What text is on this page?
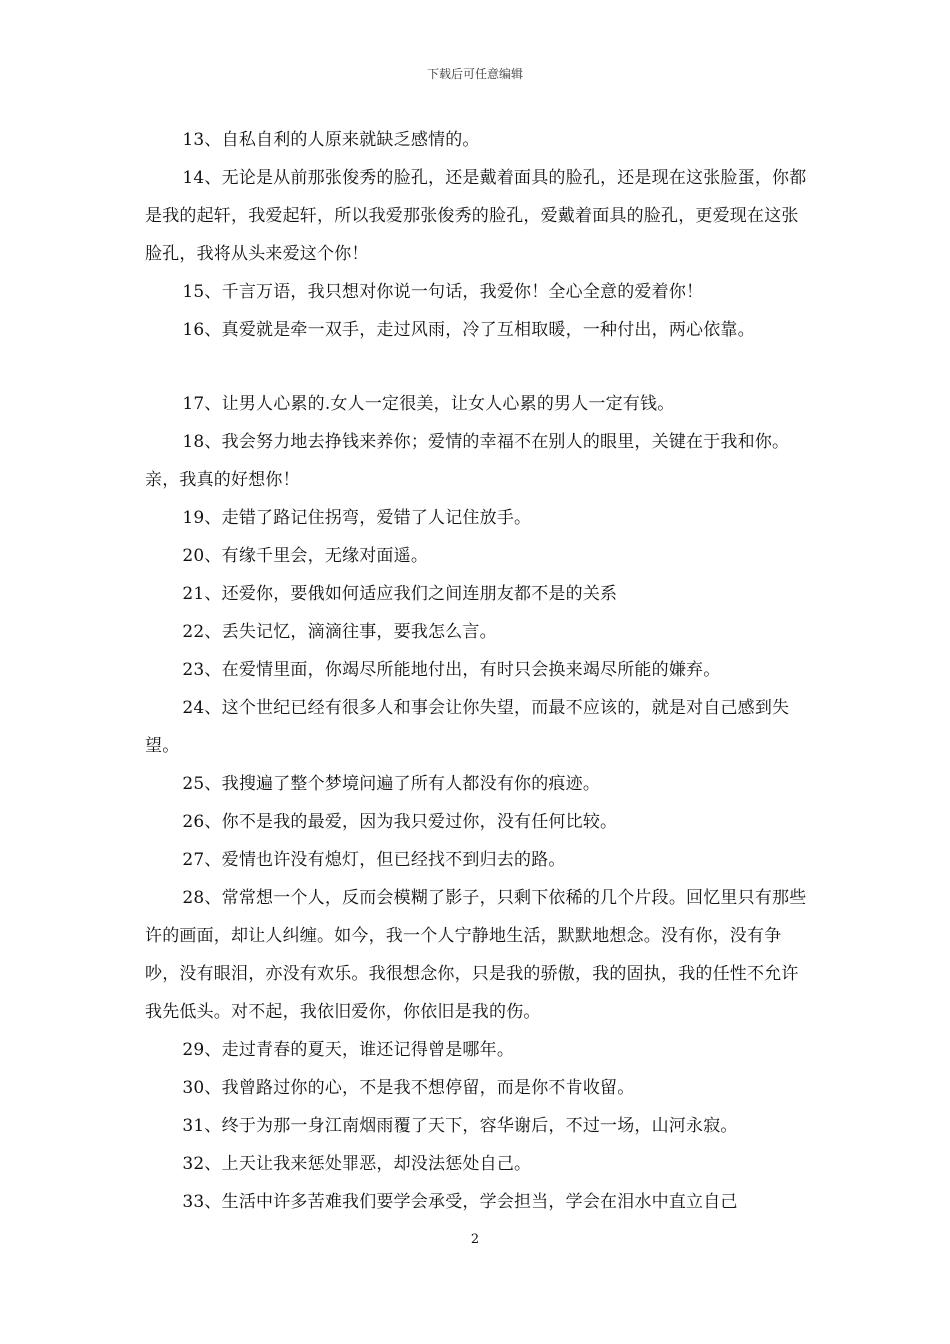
下载后可任意编辑

13、自私自利的人原来就缺乏感情的。

14、无论是从前那张俊秀的脸孔，还是戴着面具的脸孔，还是现在这张脸蛋，你都是我的起轩，我爱起轩，所以我爱那张俊秀的脸孔，爱戴着面具的脸孔，更爱现在这张脸孔，我将从头来爱这个你！

15、千言万语，我只想对你说一句话，我爱你！全心全意的爱着你！

16、真爱就是牵一双手，走过风雨，冷了互相取暖，一种付出，两心依靠。

17、让男人心累的.女人一定很美，让女人心累的男人一定有钱。

18、我会努力地去挣钱来养你；爱情的幸福不在别人的眼里，关键在于我和你。亲，我真的好想你！

19、走错了路记住拐弯，爱错了人记住放手。

20、有缘千里会，无缘对面遥。

21、还爱你，要俄如何适应我们之间连朋友都不是的关系

22、丢失记忆，滴滴往事，要我怎么言。

23、在爱情里面，你竭尽所能地付出，有时只会换来竭尽所能的嫌弃。

24、这个世纪已经有很多人和事会让你失望，而最不应该的，就是对自己感到失望。

25、我搜遍了整个梦境问遍了所有人都没有你的痕迹。

26、你不是我的最爱，因为我只爱过你，没有任何比较。

27、爱情也许没有熄灯，但已经找不到归去的路。

28、常常想一个人，反而会模糊了影子，只剩下依稀的几个片段。回忆里只有那些许的画面，却让人纠缠。如今，我一个人宁静地生活，默默地想念。没有你，没有争吵，没有眼泪，亦没有欢乐。我很想念你，只是我的骄傲，我的固执，我的任性不允许我先低头。对不起，我依旧爱你，你依旧是我的伤。

29、走过青春的夏天，谁还记得曾是哪年。

30、我曾路过你的心，不是我不想停留，而是你不肯收留。

31、终于为那一身江南烟雨覆了天下，容华谢后，不过一场，山河永寂。

32、上天让我来惩处罪恶，却没法惩处自己。

33、生活中许多苦难我们要学会承受，学会担当，学会在泪水中直立自己

2
